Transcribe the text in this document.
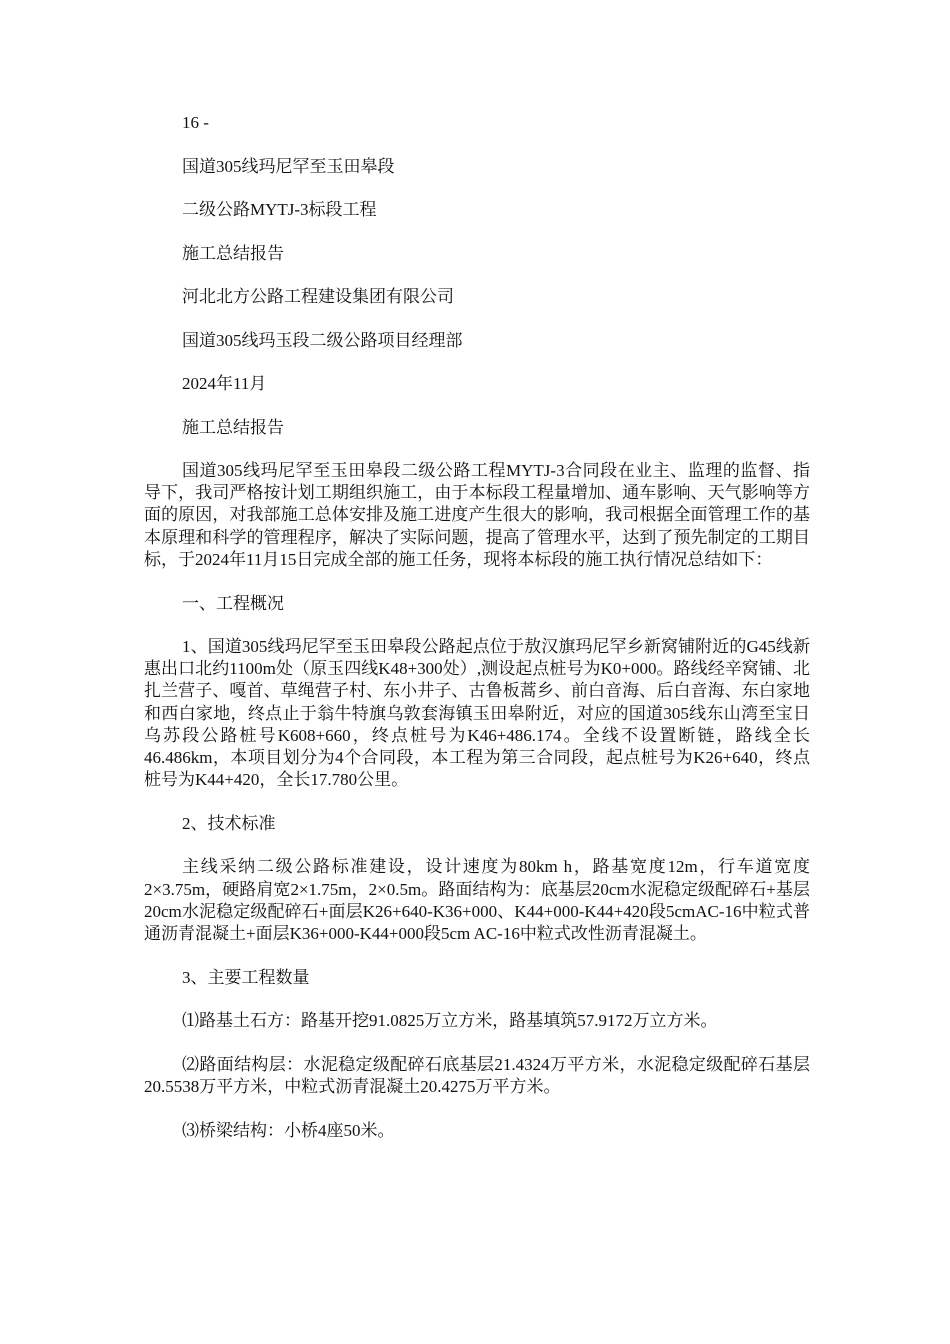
16 -
国道305线玛尼罕至玉田皋段
二级公路MYTJ-3标段工程
施工总结报告
河北北方公路工程建设集团有限公司
国道305线玛玉段二级公路项目经理部
2024年11月
施工总结报告

国道305线玛尼罕至玉田皋段二级公路工程MYTJ-3合同段在业主、监理的监督、指导下，我司严格按计划工期组织施工，由于本标段工程量增加、通车影响、天气影响等方面的原因，对我部施工总体安排及施工进度产生很大的影响，我司根据全面管理工作的基本原理和科学的管理程序，解决了实际问题，提高了管理水平，达到了预先制定的工期目标，于2024年11月15日完成全部的施工任务，现将本标段的施工执行情况总结如下：

一、工程概况

1、国道305线玛尼罕至玉田皋段公路起点位于敖汉旗玛尼罕乡新窝铺附近的G45线新惠出口北约1100m处（原玉四线K48+300处）,测设起点桩号为K0+000。路线经辛窝铺、北扎兰营子、嘎首、草绳营子村、东小井子、古鲁板蒿乡、前白音海、后白音海、东白家地和西白家地，终点止于翁牛特旗乌敦套海镇玉田皋附近，对应的国道305线东山湾至宝日乌苏段公路桩号K608+660，终点桩号为K46+486.174。全线不设置断链，路线全长46.486km，本项目划分为4个合同段，本工程为第三合同段，起点桩号为K26+640，终点桩号为K44+420，全长17.780公里。

2、技术标准

主线采纳二级公路标准建设，设计速度为80km h，路基宽度12m，行车道宽度2×3.75m，硬路肩宽2×1.75m，2×0.5m。路面结构为：底基层20cm水泥稳定级配碎石+基层20cm水泥稳定级配碎石+面层K26+640-K36+000、K44+000-K44+420段5cmAC-16中粒式普通沥青混凝土+面层K36+000-K44+000段5cm AC-16中粒式改性沥青混凝土。

3、主要工程数量

⑴路基土石方：路基开挖91.0825万立方米，路基填筑57.9172万立方米。

⑵路面结构层：水泥稳定级配碎石底基层21.4324万平方米，水泥稳定级配碎石基层20.5538万平方米，中粒式沥青混凝土20.4275万平方米。

⑶桥梁结构：小桥4座50米。
